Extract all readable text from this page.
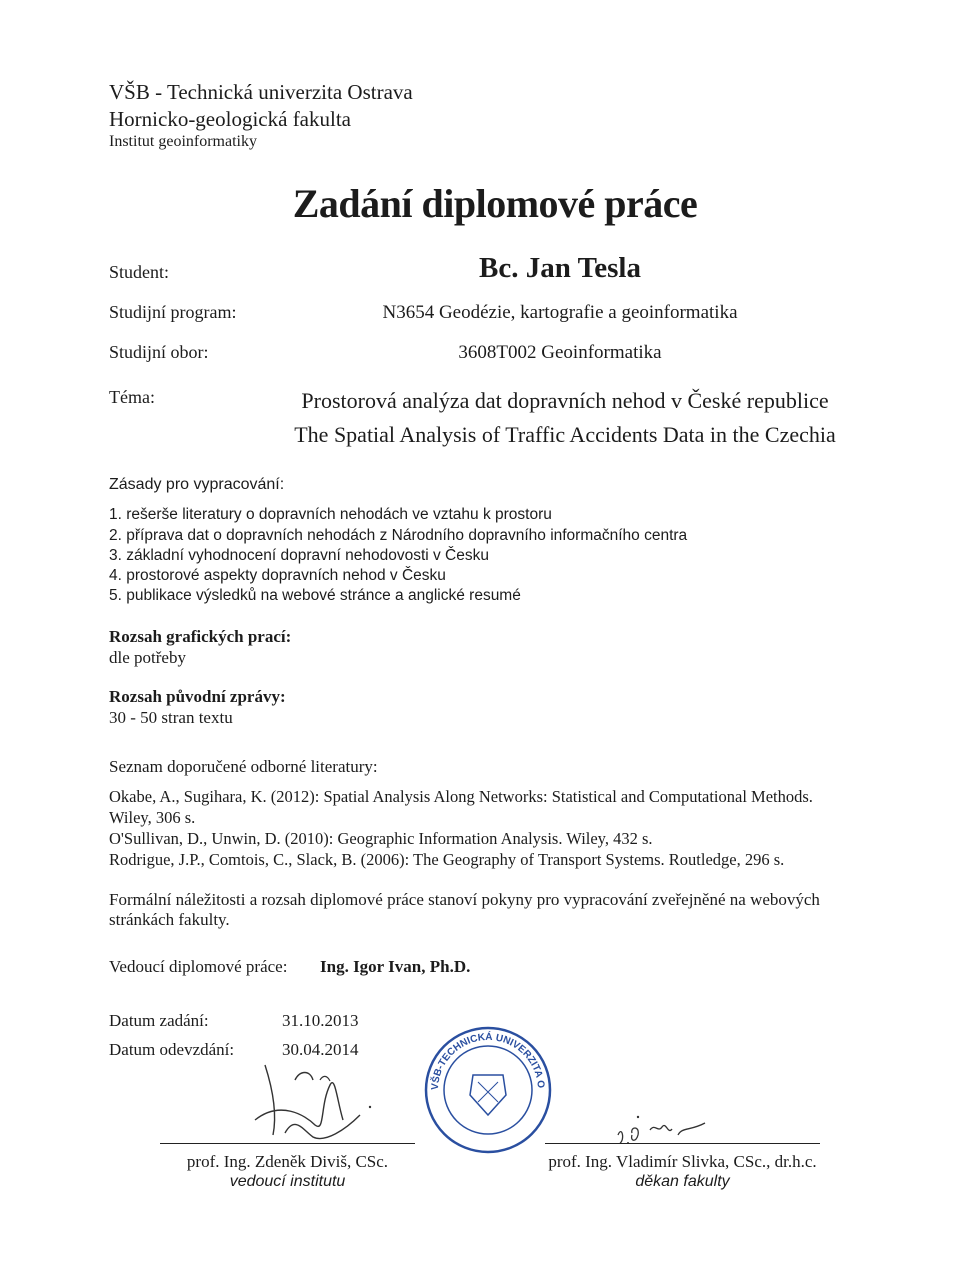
VŠB - Technická univerzita Ostrava
Hornicko-geologická fakulta
Institut geoinformatiky
Zadání diplomové práce
Student:	Bc. Jan Tesla
Studijní program:	N3654 Geodézie, kartografie a geoinformatika
Studijní obor:	3608T002 Geoinformatika
Téma:	Prostorová analýza dat dopravních nehod v České republice
The Spatial Analysis of Traffic Accidents Data in the Czechia
Zásady pro vypracování:
1. rešerše literatury o dopravních nehodách ve vztahu k prostoru
2. příprava dat o dopravních nehodách z Národního dopravního informačního centra
3. základní vyhodnocení dopravní nehodovosti v Česku
4. prostorové aspekty dopravních nehod v Česku
5. publikace výsledků na webové stránce a anglické resumé
Rozsah grafických prací:
dle potřeby
Rozsah původní zprávy:
30 - 50 stran textu
Seznam doporučené odborné literatury:
Okabe, A., Sugihara, K. (2012): Spatial Analysis Along Networks: Statistical and Computational Methods.
Wiley, 306 s.
O'Sullivan, D., Unwin, D. (2010): Geographic Information Analysis. Wiley, 432 s.
Rodrigue, J.P., Comtois, C., Slack, B. (2006): The Geography of Transport Systems. Routledge, 296 s.
Formální náležitosti a rozsah diplomové práce stanoví pokyny pro vypracování zveřejněné na webových
stránkách fakulty.
Vedoucí diplomové práce: Ing. Igor Ivan, Ph.D.
Datum zadání:	31.10.2013
Datum odevzdání:	30.04.2014
VŠB-TECHNICKÁ UNIVERZITA OSTRAVA · Hornicko-geol. fakulta
prof. Ing. Zdeněk Diviš, CSc.
vedoucí institutu
prof. Ing. Vladimír Slivka, CSc., dr.h.c.
děkan fakulty
